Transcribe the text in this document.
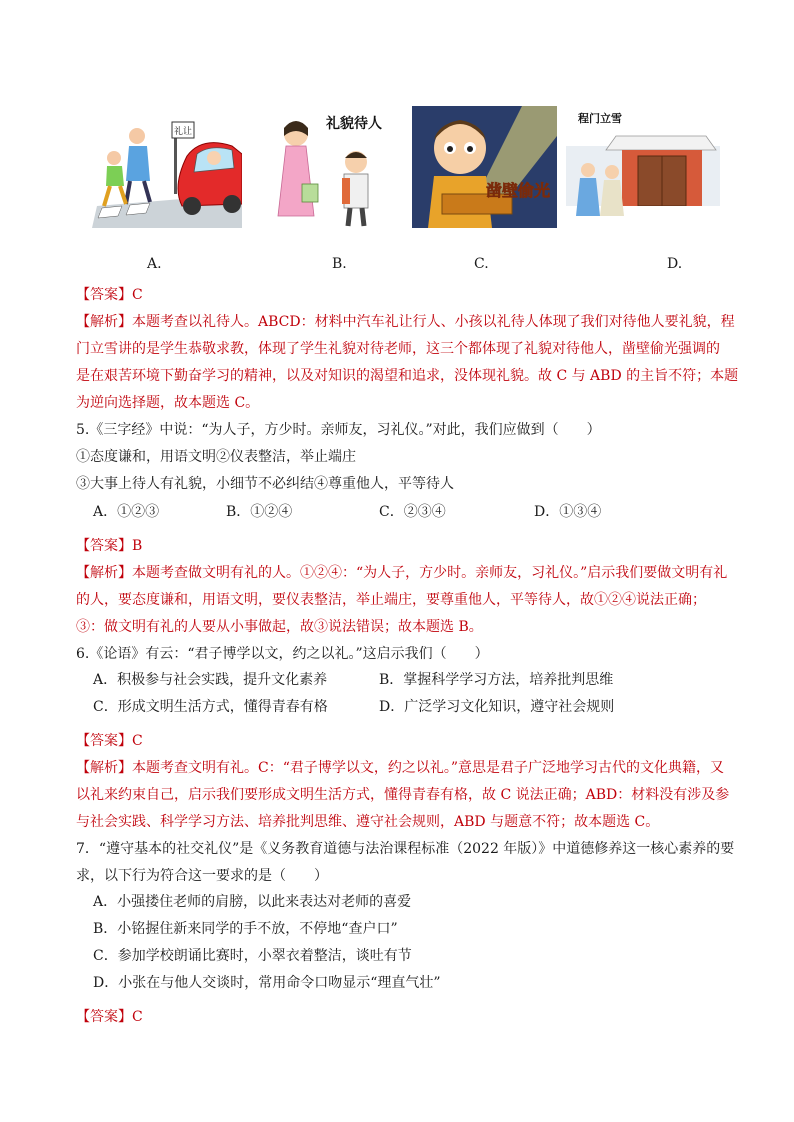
礼让	礼貌待人
凿壁偷光
程门立雪
A.	B.	C.	D.
【答案】C
【解析】本题考查以礼待人。ABCD：材料中汽车礼让行人、小孩以礼待人体现了我们对待他人要礼貌，程
门立雪讲的是学生恭敬求教，体现了学生礼貌对待老师，这三个都体现了礼貌对待他人，凿壁偷光强调的
是在艰苦环境下勤奋学习的精神，以及对知识的渴望和追求，没体现礼貌。故 C 与 ABD 的主旨不符；本题
为逆向选择题，故本题选 C。
5.《三字经》中说：“为人子，方少时。亲师友，习礼仪。”对此，我们应做到（　　）
①态度谦和，用语文明②仪表整洁，举止端庄
③大事上待人有礼貌，小细节不必纠结④尊重他人，平等待人
A．①②③	B．①②④	C．②③④	D．①③④
【答案】B
【解析】本题考查做文明有礼的人。①②④：“为人子，方少时。亲师友，习礼仪。”启示我们要做文明有礼
的人，要态度谦和，用语文明，要仪表整洁，举止端庄，要尊重他人，平等待人，故①②④说法正确；
③：做文明有礼的人要从小事做起，故③说法错误；故本题选 B。
6.《论语》有云：“君子博学以文，约之以礼。”这启示我们（　　）
A．积极参与社会实践，提升文化素养	B．掌握科学学习方法，培养批判思维
C．形成文明生活方式，懂得青春有格	D．广泛学习文化知识，遵守社会规则
【答案】C
【解析】本题考查文明有礼。C：“君子博学以文，约之以礼。”意思是君子广泛地学习古代的文化典籍，又
以礼来约束自己，启示我们要形成文明生活方式，懂得青春有格，故 C 说法正确；ABD：材料没有涉及参
与社会实践、科学学习方法、培养批判思维、遵守社会规则，ABD 与题意不符；故本题选 C。
7．“遵守基本的社交礼仪”是《义务教育道德与法治课程标准（2022 年版）》中道德修养这一核心素养的要
求，以下行为符合这一要求的是（　　）
A．小强搂住老师的肩膀，以此来表达对老师的喜爱
B．小铭握住新来同学的手不放，不停地“查户口”
C．参加学校朗诵比赛时，小翠衣着整洁，谈吐有节
D．小张在与他人交谈时，常用命令口吻显示“理直气壮”
【答案】C
